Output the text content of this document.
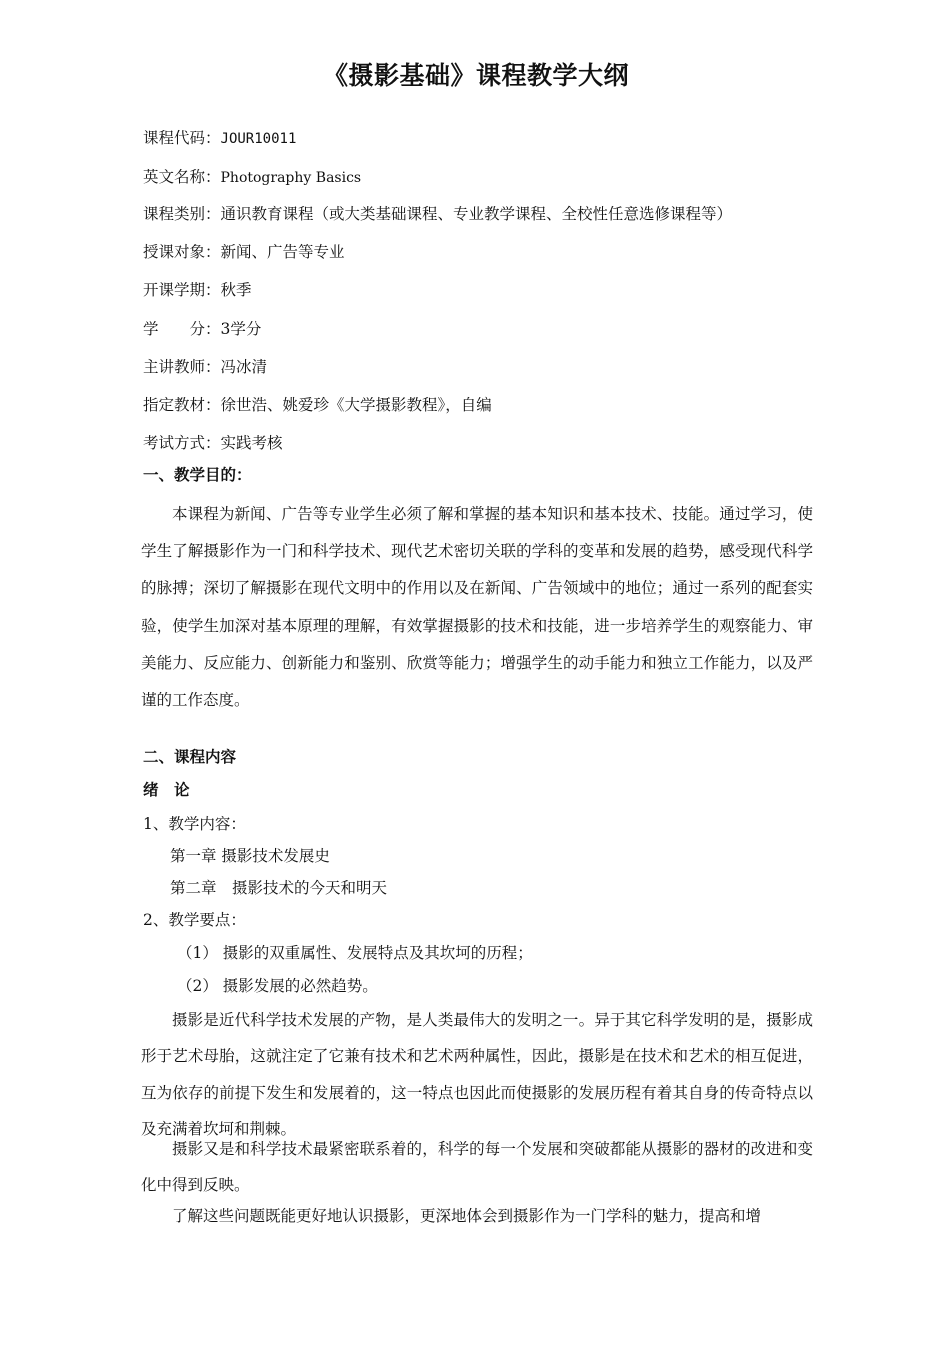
《摄影基础》课程教学大纲
课程代码：JOUR10011
英文名称：Photography Basics
课程类别：通识教育课程（或大类基础课程、专业教学课程、全校性任意选修课程等）
授课对象：新闻、广告等专业
开课学期：秋季
学　　分：3学分
主讲教师：冯冰清
指定教材：徐世浩、姚爱珍《大学摄影教程》，自编
考试方式：实践考核
一、教学目的：

本课程为新闻、广告等专业学生必须了解和掌握的基本知识和基本技术、技能。通过学习，使学生了解摄影作为一门和科学技术、现代艺术密切关联的学科的变革和发展的趋势，感受现代科学的脉搏；深切了解摄影在现代文明中的作用以及在新闻、广告领域中的地位；通过一系列的配套实验，使学生加深对基本原理的理解，有效掌握摄影的技术和技能，进一步培养学生的观察能力、审美能力、反应能力、创新能力和鉴别、欣赏等能力；增强学生的动手能力和独立工作能力，以及严谨的工作态度。

二、课程内容
绪　论
1、教学内容：
第一章 摄影技术发展史
第二章　摄影技术的今天和明天
2、教学要点：
（1） 摄影的双重属性、发展特点及其坎坷的历程；
（2） 摄影发展的必然趋势。

摄影是近代科学技术发展的产物，是人类最伟大的发明之一。异于其它科学发明的是，摄影成形于艺术母胎，这就注定了它兼有技术和艺术两种属性，因此，摄影是在技术和艺术的相互促进，互为依存的前提下发生和发展着的，这一特点也因此而使摄影的发展历程有着其自身的传奇特点以及充满着坎坷和荆棘。

摄影又是和科学技术最紧密联系着的，科学的每一个发展和突破都能从摄影的器材的改进和变化中得到反映。

了解这些问题既能更好地认识摄影，更深地体会到摄影作为一门学科的魅力，提高和增
